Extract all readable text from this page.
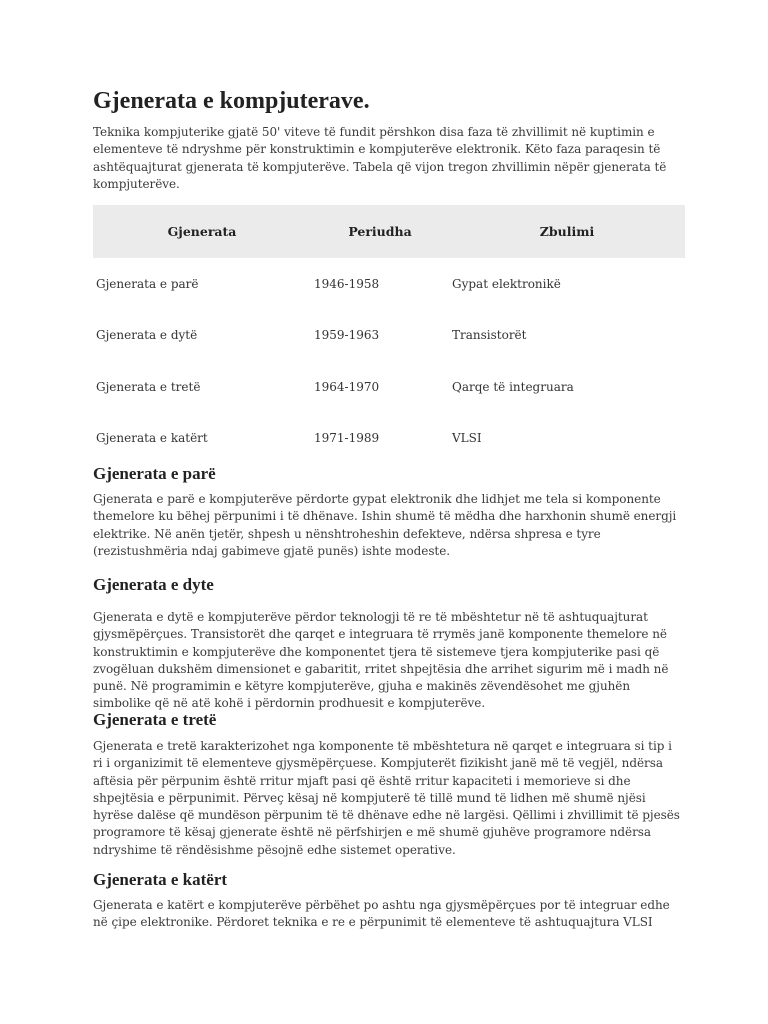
Gjenerata e kompjuterave.

Teknika kompjuterike gjatë 50' viteve të fundit përshkon disa faza të zhvillimit në kuptimin e elementeve të ndryshme për konstruktimin e kompjuterëve elektronik. Këto faza paraqesin të ashtëquajturat gjenerata të kompjuterëve. Tabela që vijon tregon zhvillimin nëpër gjenerata të kompjuterëve.

Gjenerata	Periudha	Zbulimi
Gjenerata e parë	1946-1958	Gypat elektronikë
Gjenerata e dytë	1959-1963	Transistorët
Gjenerata e tretë	1964-1970	Qarqe të integruara
Gjenerata e katërt	1971-1989	VLSI
Gjenerata e parë

Gjenerata e parë e kompjuterëve përdorte gypat elektronik dhe lidhjet me tela si komponente themelore ku bëhej përpunimi i të dhënave. Ishin shumë të mëdha dhe harxhonin shumë energji elektrike. Në anën tjetër, shpesh u nënshtroheshin defekteve, ndërsa shpresa e tyre (rezistushmëria ndaj gabimeve gjatë punës) ishte modeste.

Gjenerata e dyte

Gjenerata e dytë e kompjuterëve përdor teknologji të re të mbështetur në të ashtuquajturat gjysmëpërçues. Transistorët dhe qarqet e integruara të rrymës janë komponente themelore në konstruktimin e kompjuterëve dhe komponentet tjera të sistemeve tjera kompjuterike pasi që zvogëluan dukshëm dimensionet e gabaritit, rritet shpejtësia dhe arrihet sigurim më i madh në punë. Në programimin e këtyre kompjuterëve, gjuha e makinës zëvendësohet me gjuhën simbolike që në atë kohë i përdornin prodhuesit e kompjuterëve.

Gjenerata e tretë

Gjenerata e tretë karakterizohet nga komponente të mbështetura në qarqet e integruara si tip i ri i organizimit të elementeve gjysmëpërçuese. Kompjuterët fizikisht janë më të vegjël, ndërsa aftësia për përpunim është rritur mjaft pasi që është rritur kapaciteti i memorieve si dhe shpejtësia e përpunimit. Përveç kësaj në kompjuterë të tillë mund të lidhen më shumë njësi hyrëse dalëse që mundëson përpunim të të dhënave edhe në largësi. Qëllimi i zhvillimit të pjesës programore të kësaj gjenerate është në përfshirjen e më shumë gjuhëve programore ndërsa ndryshime të rëndësishme pësojnë edhe sistemet operative.

Gjenerata e katërt

Gjenerata e katërt e kompjuterëve përbëhet po ashtu nga gjysmëpërçues por të integruar edhe në çipe elektronike. Përdoret teknika e re e përpunimit të elementeve të ashtuquajtura VLSI
